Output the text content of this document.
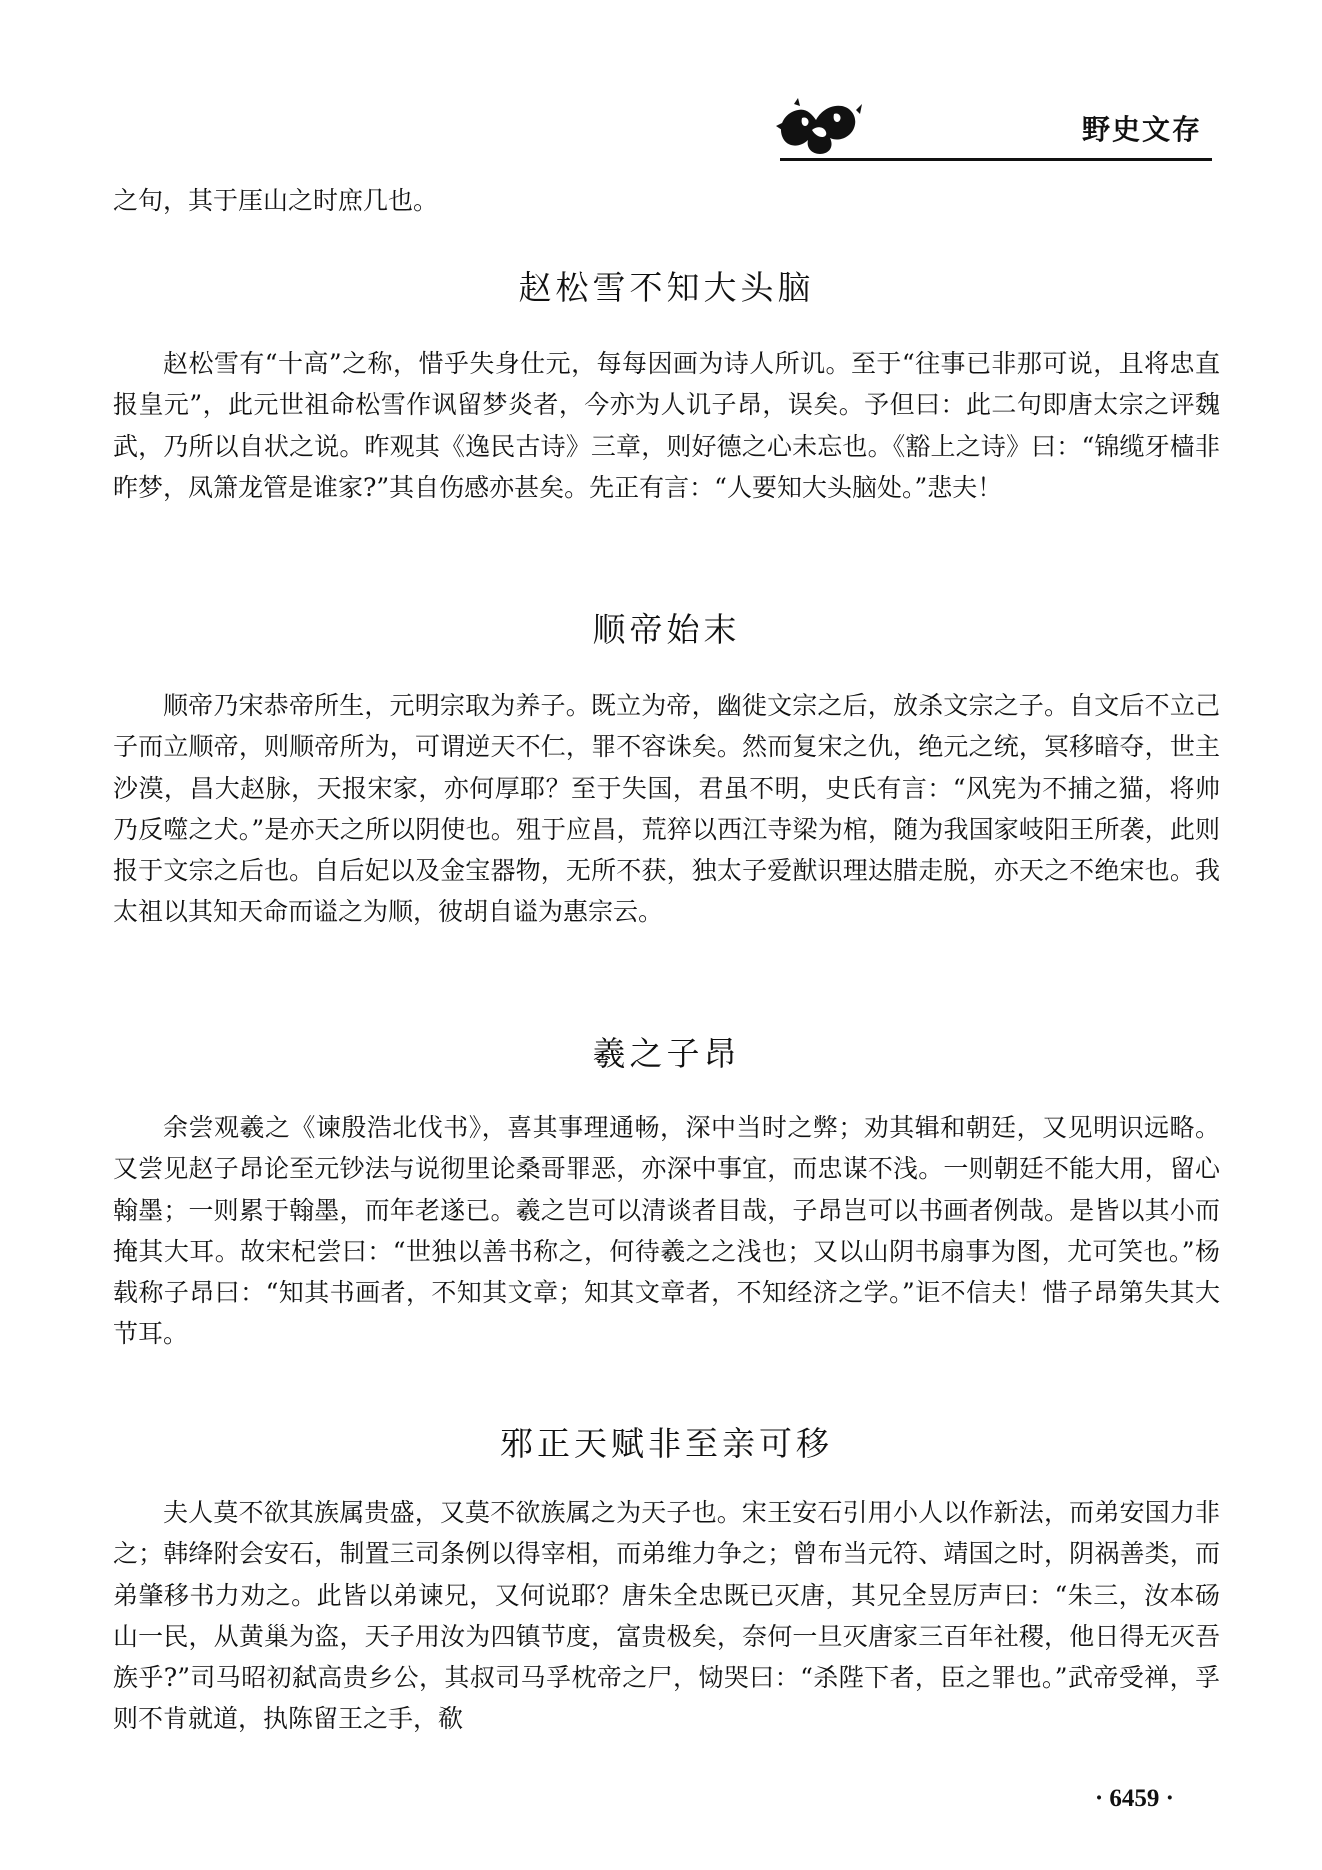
野史文存

之句，其于厓山之时庶几也。

赵松雪不知大头脑

赵松雪有“十高”之称，惜乎失身仕元，每每因画为诗人所讥。至于“往事已非那可说，且将忠直报皇元”，此元世祖命松雪作讽留梦炎者，今亦为人讥子昂，误矣。予但曰：此二句即唐太宗之评魏武，乃所以自状之说。昨观其《逸民古诗》三章，则好德之心未忘也。《豁上之诗》曰：“锦缆牙樯非昨梦，凤箫龙管是谁家?”其自伤感亦甚矣。先正有言：“人要知大头脑处。”悲夫！

顺帝始末

顺帝乃宋恭帝所生，元明宗取为养子。既立为帝，幽徙文宗之后，放杀文宗之子。自文后不立己子而立顺帝，则顺帝所为，可谓逆天不仁，罪不容诛矣。然而复宋之仇，绝元之统，冥移暗夺，世主沙漠，昌大赵脉，天报宋家，亦何厚耶？至于失国，君虽不明，史氏有言：“风宪为不捕之猫，将帅乃反噬之犬。”是亦天之所以阴使也。殂于应昌，荒猝以西江寺梁为棺，随为我国家岐阳王所袭，此则报于文宗之后也。自后妃以及金宝器物，无所不获，独太子爱猷识理达腊走脱，亦天之不绝宋也。我太祖以其知天命而谥之为顺，彼胡自谥为惠宗云。

羲之子昂

余尝观羲之《谏殷浩北伐书》，喜其事理通畅，深中当时之弊；劝其辑和朝廷，又见明识远略。又尝见赵子昂论至元钞法与说彻里论桑哥罪恶，亦深中事宜，而忠谋不浅。一则朝廷不能大用，留心翰墨；一则累于翰墨，而年老遂已。羲之岂可以清谈者目哉，子昂岂可以书画者例哉。是皆以其小而掩其大耳。故宋杞尝曰：“世独以善书称之，何待羲之之浅也；又以山阴书扇事为图，尤可笑也。”杨载称子昂曰：“知其书画者，不知其文章；知其文章者，不知经济之学。”讵不信夫！惜子昂第失其大节耳。

邪正天赋非至亲可移

夫人莫不欲其族属贵盛，又莫不欲族属之为天子也。宋王安石引用小人以作新法，而弟安国力非之；韩绛附会安石，制置三司条例以得宰相，而弟维力争之；曾布当元符、靖国之时，阴祸善类，而弟肇移书力劝之。此皆以弟谏兄，又何说耶？唐朱全忠既已灭唐，其兄全昱厉声曰：“朱三，汝本砀山一民，从黄巢为盗，天子用汝为四镇节度，富贵极矣，奈何一旦灭唐家三百年社稷，他日得无灭吾族乎?”司马昭初弑高贵乡公，其叔司马孚枕帝之尸，恸哭曰：“杀陛下者，臣之罪也。”武帝受禅，孚则不肯就道，执陈留王之手，欷

· 6459 ·
